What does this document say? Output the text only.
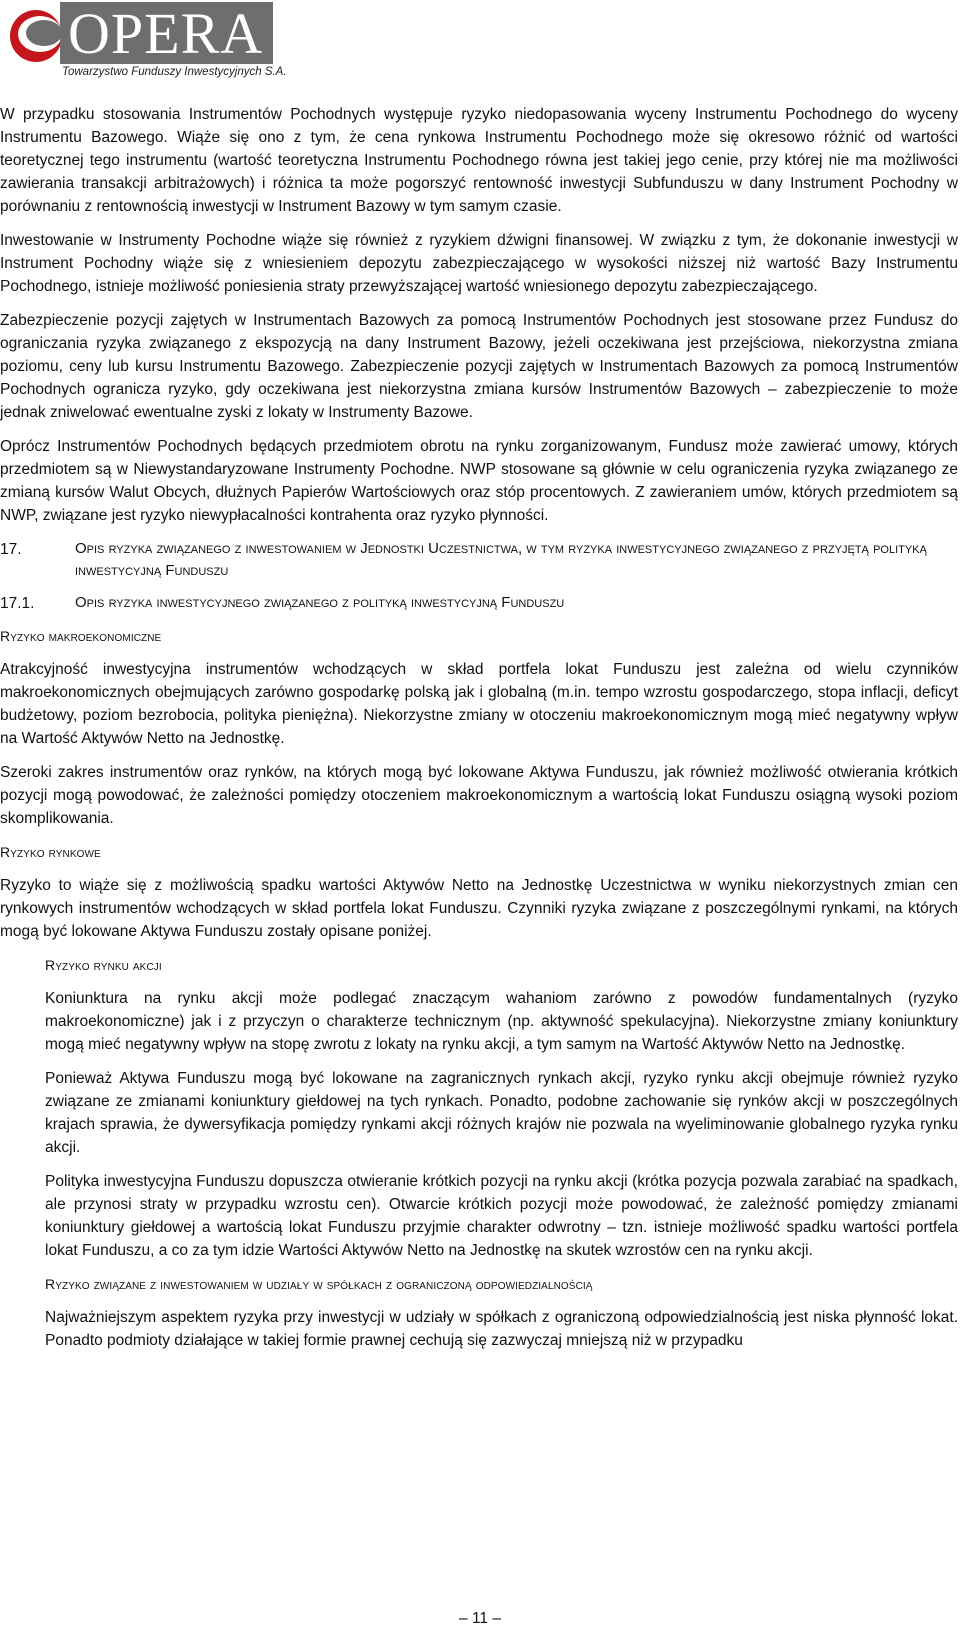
OPERA
Towarzystwo Funduszy Inwestycyjnych S.A.

W przypadku stosowania Instrumentów Pochodnych występuje ryzyko niedopasowania wyceny Instrumentu Pochodnego do wyceny Instrumentu Bazowego. Wiąże się ono z tym, że cena rynkowa Instrumentu Pochodnego może się okresowo różnić od wartości teoretycznej tego instrumentu (wartość teoretyczna Instrumentu Pochodnego równa jest takiej jego cenie, przy której nie ma możliwości zawierania transakcji arbitrażowych) i różnica ta może pogorszyć rentowność inwestycji Subfunduszu w dany Instrument Pochodny w porównaniu z rentownością inwestycji w Instrument Bazowy w tym samym czasie.

Inwestowanie w Instrumenty Pochodne wiąże się również z ryzykiem dźwigni finansowej. W związku z tym, że dokonanie inwestycji w Instrument Pochodny wiąże się z wniesieniem depozytu zabezpieczającego w wysokości niższej niż wartość Bazy Instrumentu Pochodnego, istnieje możliwość poniesienia straty przewyższającej wartość wniesionego depozytu zabezpieczającego.

Zabezpieczenie pozycji zajętych w Instrumentach Bazowych za pomocą Instrumentów Pochodnych jest stosowane przez Fundusz do ograniczania ryzyka związanego z ekspozycją na dany Instrument Bazowy, jeżeli oczekiwana jest przejściowa, niekorzystna zmiana poziomu, ceny lub kursu Instrumentu Bazowego. Zabezpieczenie pozycji zajętych w Instrumentach Bazowych za pomocą Instrumentów Pochodnych ogranicza ryzyko, gdy oczekiwana jest niekorzystna zmiana kursów Instrumentów Bazowych – zabezpieczenie to może jednak zniwelować ewentualne zyski z lokaty w Instrumenty Bazowe.

Oprócz Instrumentów Pochodnych będących przedmiotem obrotu na rynku zorganizowanym, Fundusz może zawierać umowy, których przedmiotem są w Niewystandaryzowane Instrumenty Pochodne. NWP stosowane są głównie w celu ograniczenia ryzyka związanego ze zmianą kursów Walut Obcych, dłużnych Papierów Wartościowych oraz stóp procentowych. Z zawieraniem umów, których przedmiotem są NWP, związane jest ryzyko niewypłacalności kontrahenta oraz ryzyko płynności.

17.	Opis ryzyka związanego z inwestowaniem w Jednostki Uczestnictwa, w tym ryzyka inwestycyjnego związanego z przyjętą polityką inwestycyjną Funduszu
17.1.	Opis ryzyka inwestycyjnego związanego z polityką inwestycyjną Funduszu
Ryzyko makroekonomiczne

Atrakcyjność inwestycyjna instrumentów wchodzących w skład portfela lokat Funduszu jest zależna od wielu czynników makroekonomicznych obejmujących zarówno gospodarkę polską jak i globalną (m.in. tempo wzrostu gospodarczego, stopa inflacji, deficyt budżetowy, poziom bezrobocia, polityka pieniężna). Niekorzystne zmiany w otoczeniu makroekonomicznym mogą mieć negatywny wpływ na Wartość Aktywów Netto na Jednostkę.

Szeroki zakres instrumentów oraz rynków, na których mogą być lokowane Aktywa Funduszu, jak również możliwość otwierania krótkich pozycji mogą powodować, że zależności pomiędzy otoczeniem makroekonomicznym a wartością lokat Funduszu osiągną wysoki poziom skomplikowania.

Ryzyko rynkowe

Ryzyko to wiąże się z możliwością spadku wartości Aktywów Netto na Jednostkę Uczestnictwa w wyniku niekorzystnych zmian cen rynkowych instrumentów wchodzących w skład portfela lokat Funduszu. Czynniki ryzyka związane z poszczególnymi rynkami, na których mogą być lokowane Aktywa Funduszu zostały opisane poniżej.

Ryzyko rynku akcji

Koniunktura na rynku akcji może podlegać znaczącym wahaniom zarówno z powodów fundamentalnych (ryzyko makroekonomiczne) jak i z przyczyn o charakterze technicznym (np. aktywność spekulacyjna). Niekorzystne zmiany koniunktury mogą mieć negatywny wpływ na stopę zwrotu z lokaty na rynku akcji, a tym samym na Wartość Aktywów Netto na Jednostkę.

Ponieważ Aktywa Funduszu mogą być lokowane na zagranicznych rynkach akcji, ryzyko rynku akcji obejmuje również ryzyko związane ze zmianami koniunktury giełdowej na tych rynkach. Ponadto, podobne zachowanie się rynków akcji w poszczególnych krajach sprawia, że dywersyfikacja pomiędzy rynkami akcji różnych krajów nie pozwala na wyeliminowanie globalnego ryzyka rynku akcji.

Polityka inwestycyjna Funduszu dopuszcza otwieranie krótkich pozycji na rynku akcji (krótka pozycja pozwala zarabiać na spadkach, ale przynosi straty w przypadku wzrostu cen). Otwarcie krótkich pozycji może powodować, że zależność pomiędzy zmianami koniunktury giełdowej a wartością lokat Funduszu przyjmie charakter odwrotny – tzn. istnieje możliwość spadku wartości portfela lokat Funduszu, a co za tym idzie Wartości Aktywów Netto na Jednostkę na skutek wzrostów cen na rynku akcji.

Ryzyko związane z inwestowaniem w udziały w spółkach z ograniczoną odpowiedzialnością

Najważniejszym aspektem ryzyka przy inwestycji w udziały w spółkach z ograniczoną odpowiedzialnością jest niska płynność lokat. Ponadto podmioty działające w takiej formie prawnej cechują się zazwyczaj mniejszą niż w przypadku

– 11 –
